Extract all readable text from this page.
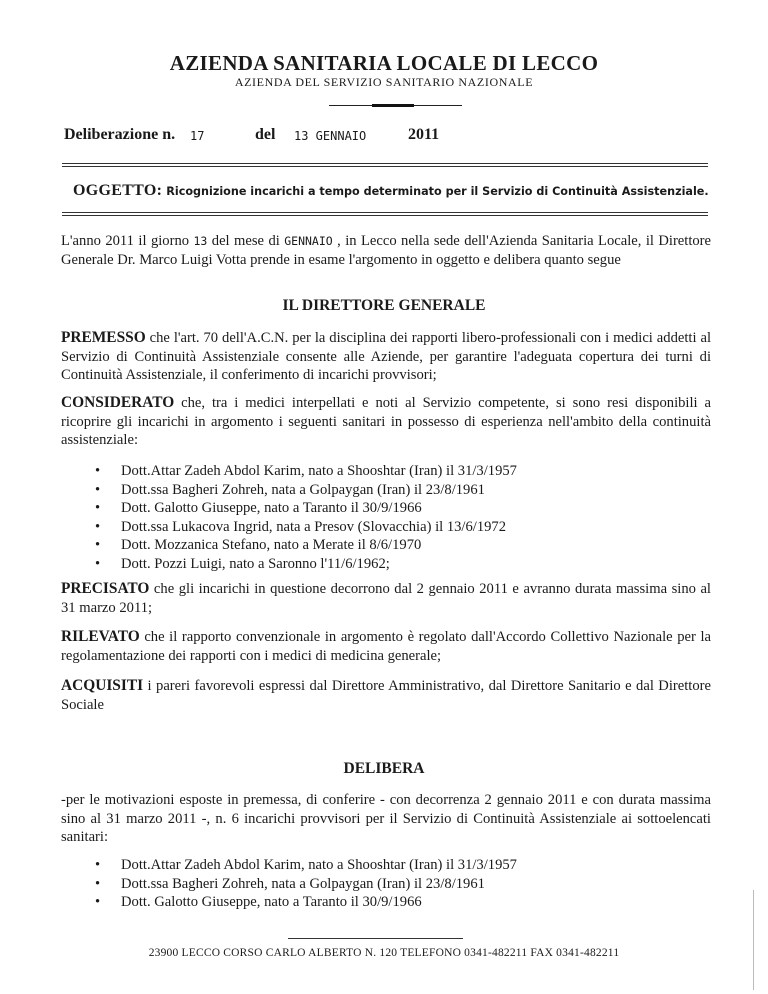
AZIENDA SANITARIA LOCALE DI LECCO
AZIENDA DEL SERVIZIO SANITARIO NAZIONALE
Deliberazione n. 17	del 13 GENNAIO	2011
OGGETTO: Ricognizione incarichi a tempo determinato per il Servizio di Continuità Assistenziale.
L'anno 2011 il giorno 13 del mese di GENNAIO , in Lecco nella sede dell'Azienda Sanitaria Locale, il Direttore Generale Dr. Marco Luigi Votta prende in esame l'argomento in oggetto e delibera quanto segue
IL DIRETTORE GENERALE
PREMESSO che l'art. 70 dell'A.C.N. per la disciplina dei rapporti libero-professionali con i medici addetti al Servizio di Continuità Assistenziale consente alle Aziende, per garantire l'adeguata copertura dei turni di Continuità Assistenziale, il conferimento di incarichi provvisori;
CONSIDERATO che, tra i medici interpellati e noti al Servizio competente, si sono resi disponibili a ricoprire gli incarichi in argomento i seguenti sanitari in possesso di esperienza nell'ambito della continuità assistenziale:
• Dott.Attar Zadeh Abdol Karim, nato a Shooshtar (Iran) il 31/3/1957
• Dott.ssa Bagheri Zohreh, nata a Golpaygan (Iran) il 23/8/1961
• Dott. Galotto Giuseppe, nato a Taranto il 30/9/1966
• Dott.ssa Lukacova Ingrid, nata a Presov (Slovacchia) il 13/6/1972
• Dott. Mozzanica Stefano, nato a Merate il 8/6/1970
• Dott. Pozzi Luigi, nato a Saronno l'11/6/1962;
PRECISATO che gli incarichi in questione decorrono dal 2 gennaio 2011 e avranno durata massima sino al 31 marzo 2011;
RILEVATO che il rapporto convenzionale in argomento è regolato dall'Accordo Collettivo Nazionale per la regolamentazione dei rapporti con i medici di medicina generale;
ACQUISITI i pareri favorevoli espressi dal Direttore Amministrativo, dal Direttore Sanitario e dal Direttore Sociale
DELIBERA
-per le motivazioni esposte in premessa, di conferire - con decorrenza 2 gennaio 2011 e con durata massima sino al 31 marzo 2011 -, n. 6 incarichi provvisori per il Servizio di Continuità Assistenziale ai sottoelencati sanitari:
• Dott.Attar Zadeh Abdol Karim, nato a Shooshtar (Iran) il 31/3/1957
• Dott.ssa Bagheri Zohreh, nata a Golpaygan (Iran) il 23/8/1961
• Dott. Galotto Giuseppe, nato a Taranto il 30/9/1966
23900 LECCO CORSO CARLO ALBERTO N. 120 TELEFONO 0341-482211 FAX 0341-482211
